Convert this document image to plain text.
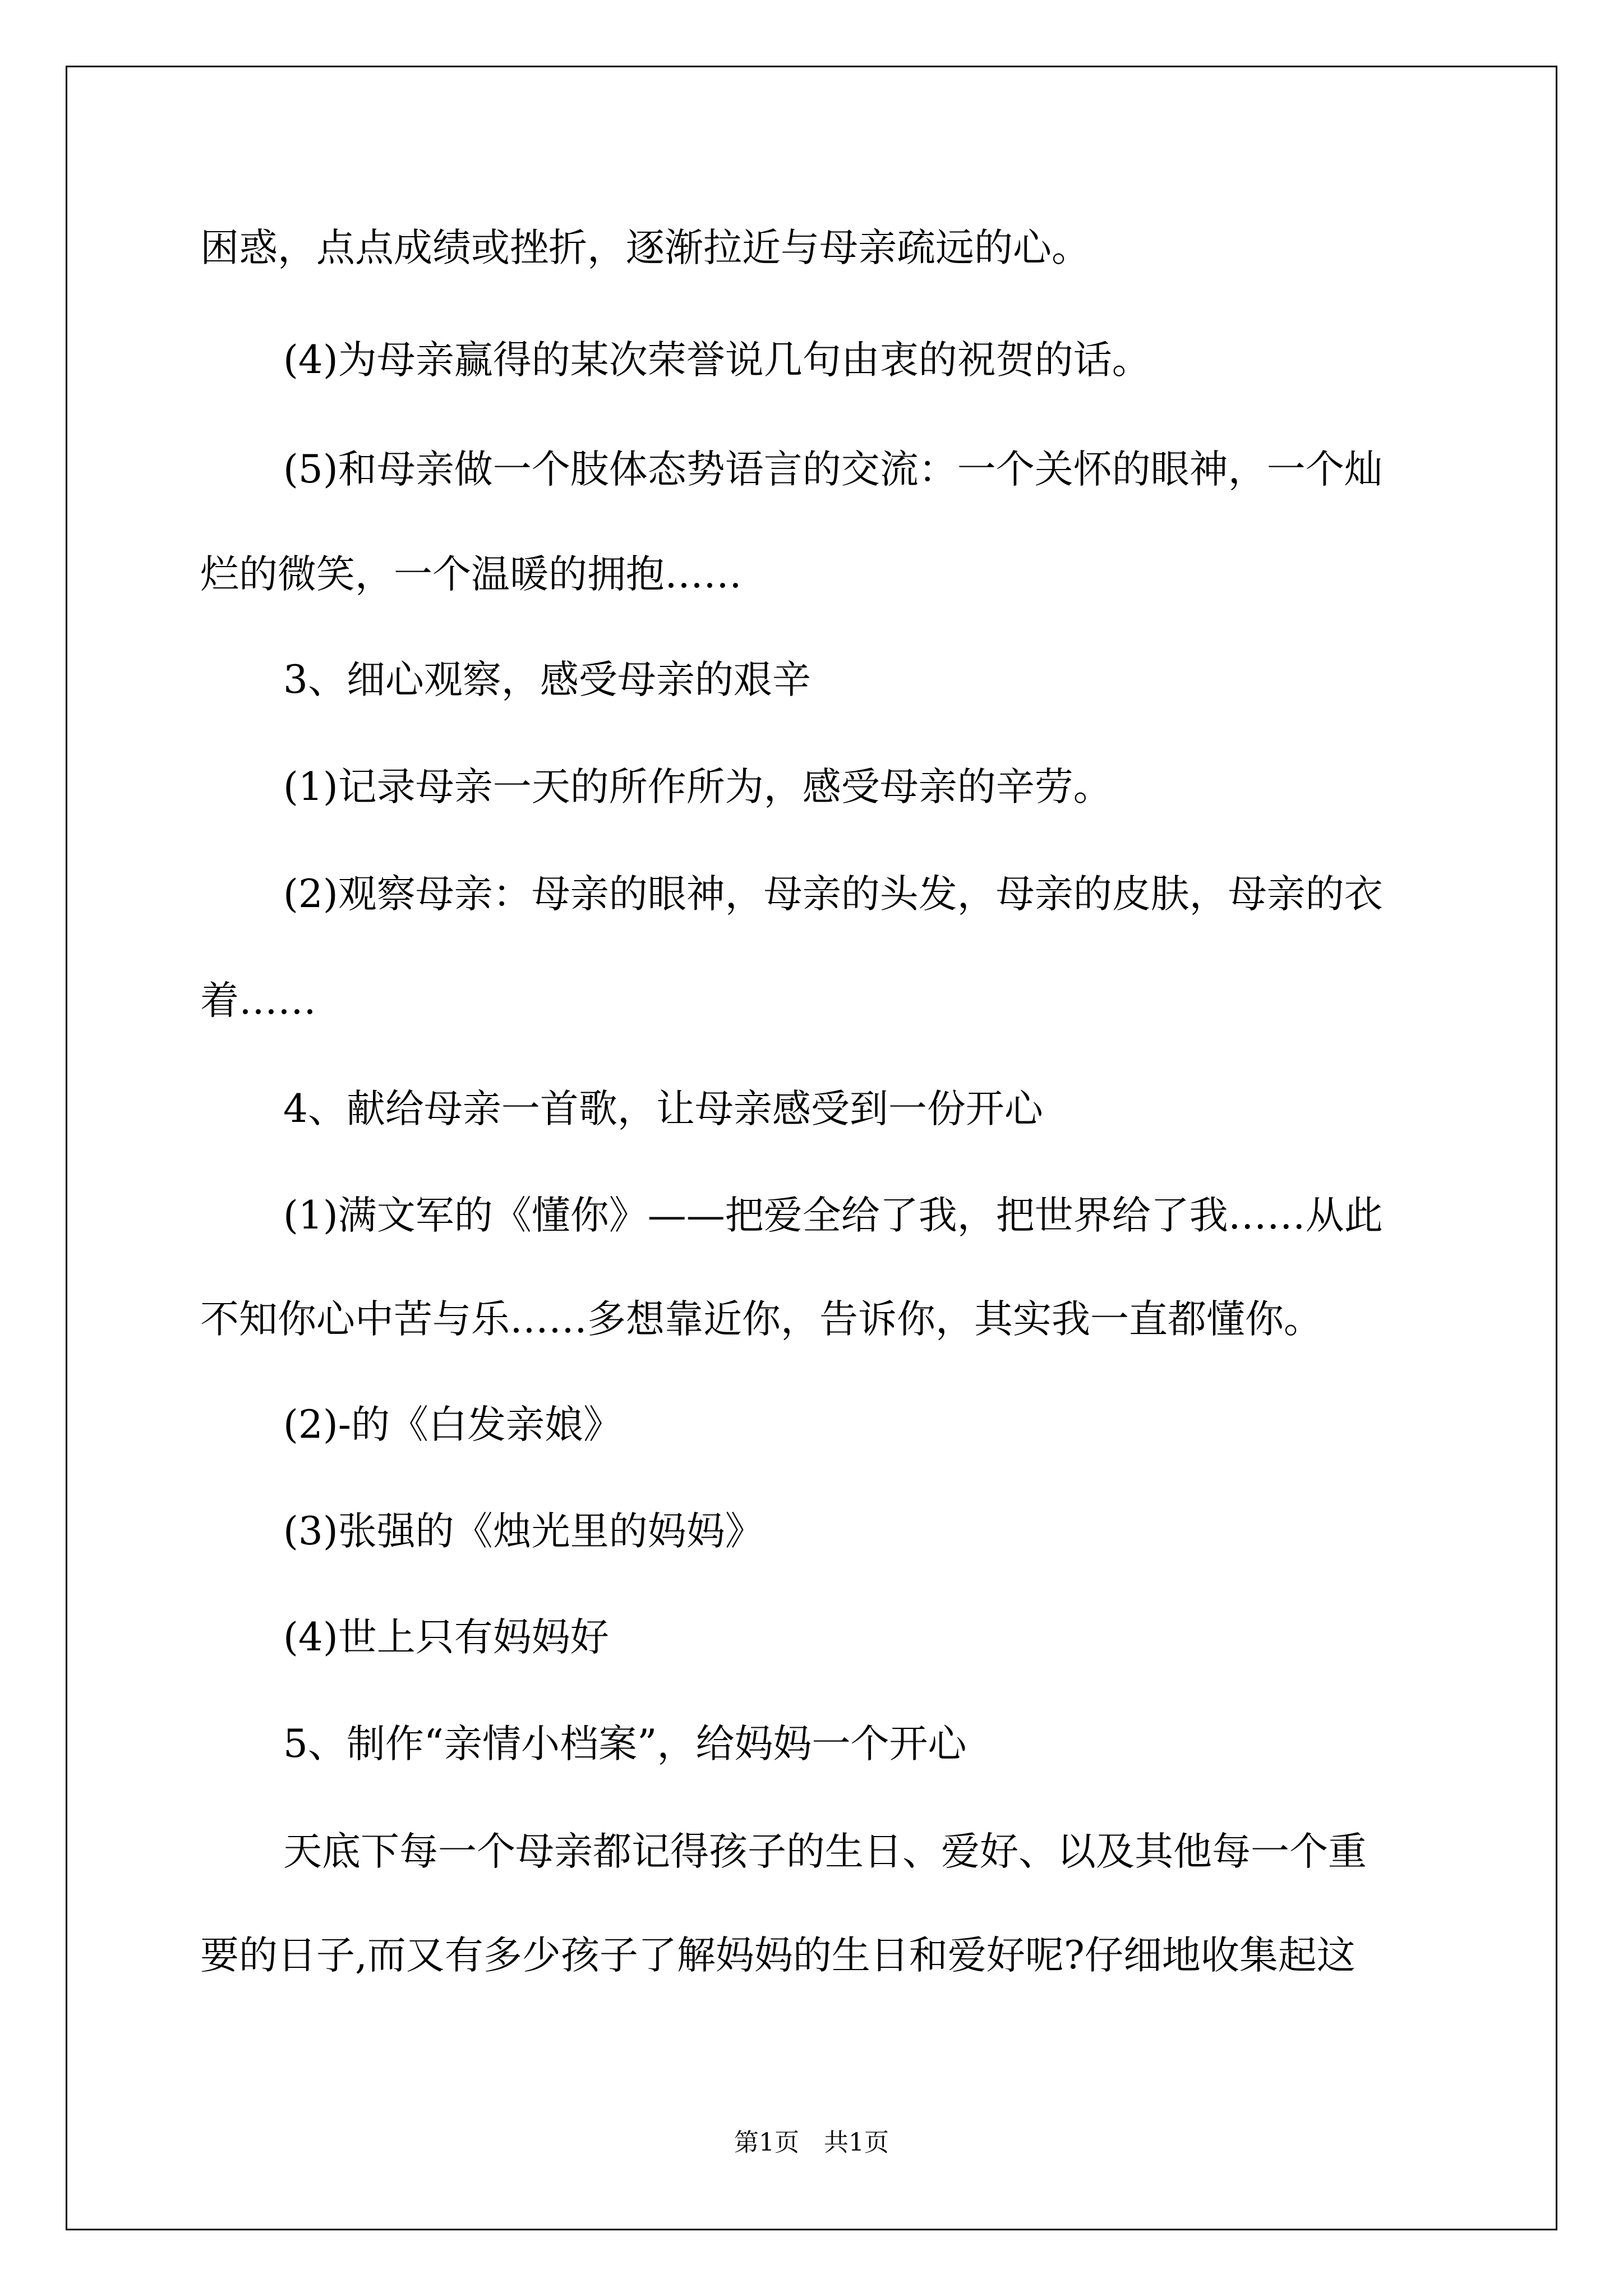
困惑，点点成绩或挫折，逐渐拉近与母亲疏远的心。
(4)为母亲赢得的某次荣誉说几句由衷的祝贺的话。
(5)和母亲做一个肢体态势语言的交流：一个关怀的眼神，一个灿
烂的微笑，一个温暖的拥抱……
3、细心观察，感受母亲的艰辛
(1)记录母亲一天的所作所为，感受母亲的辛劳。
(2)观察母亲：母亲的眼神，母亲的头发，母亲的皮肤，母亲的衣
着……
4、献给母亲一首歌，让母亲感受到一份开心
(1)满文军的《懂你》——把爱全给了我，把世界给了我……从此
不知你心中苦与乐……多想靠近你，告诉你，其实我一直都懂你。
(2)-的《白发亲娘》
(3)张强的《烛光里的妈妈》
(4)世上只有妈妈好
5、制作“亲情小档案”，给妈妈一个开心
天底下每一个母亲都记得孩子的生日、爱好、以及其他每一个重
要的日子,而又有多少孩子了解妈妈的生日和爱好呢?仔细地收集起这
第1页　共1页
